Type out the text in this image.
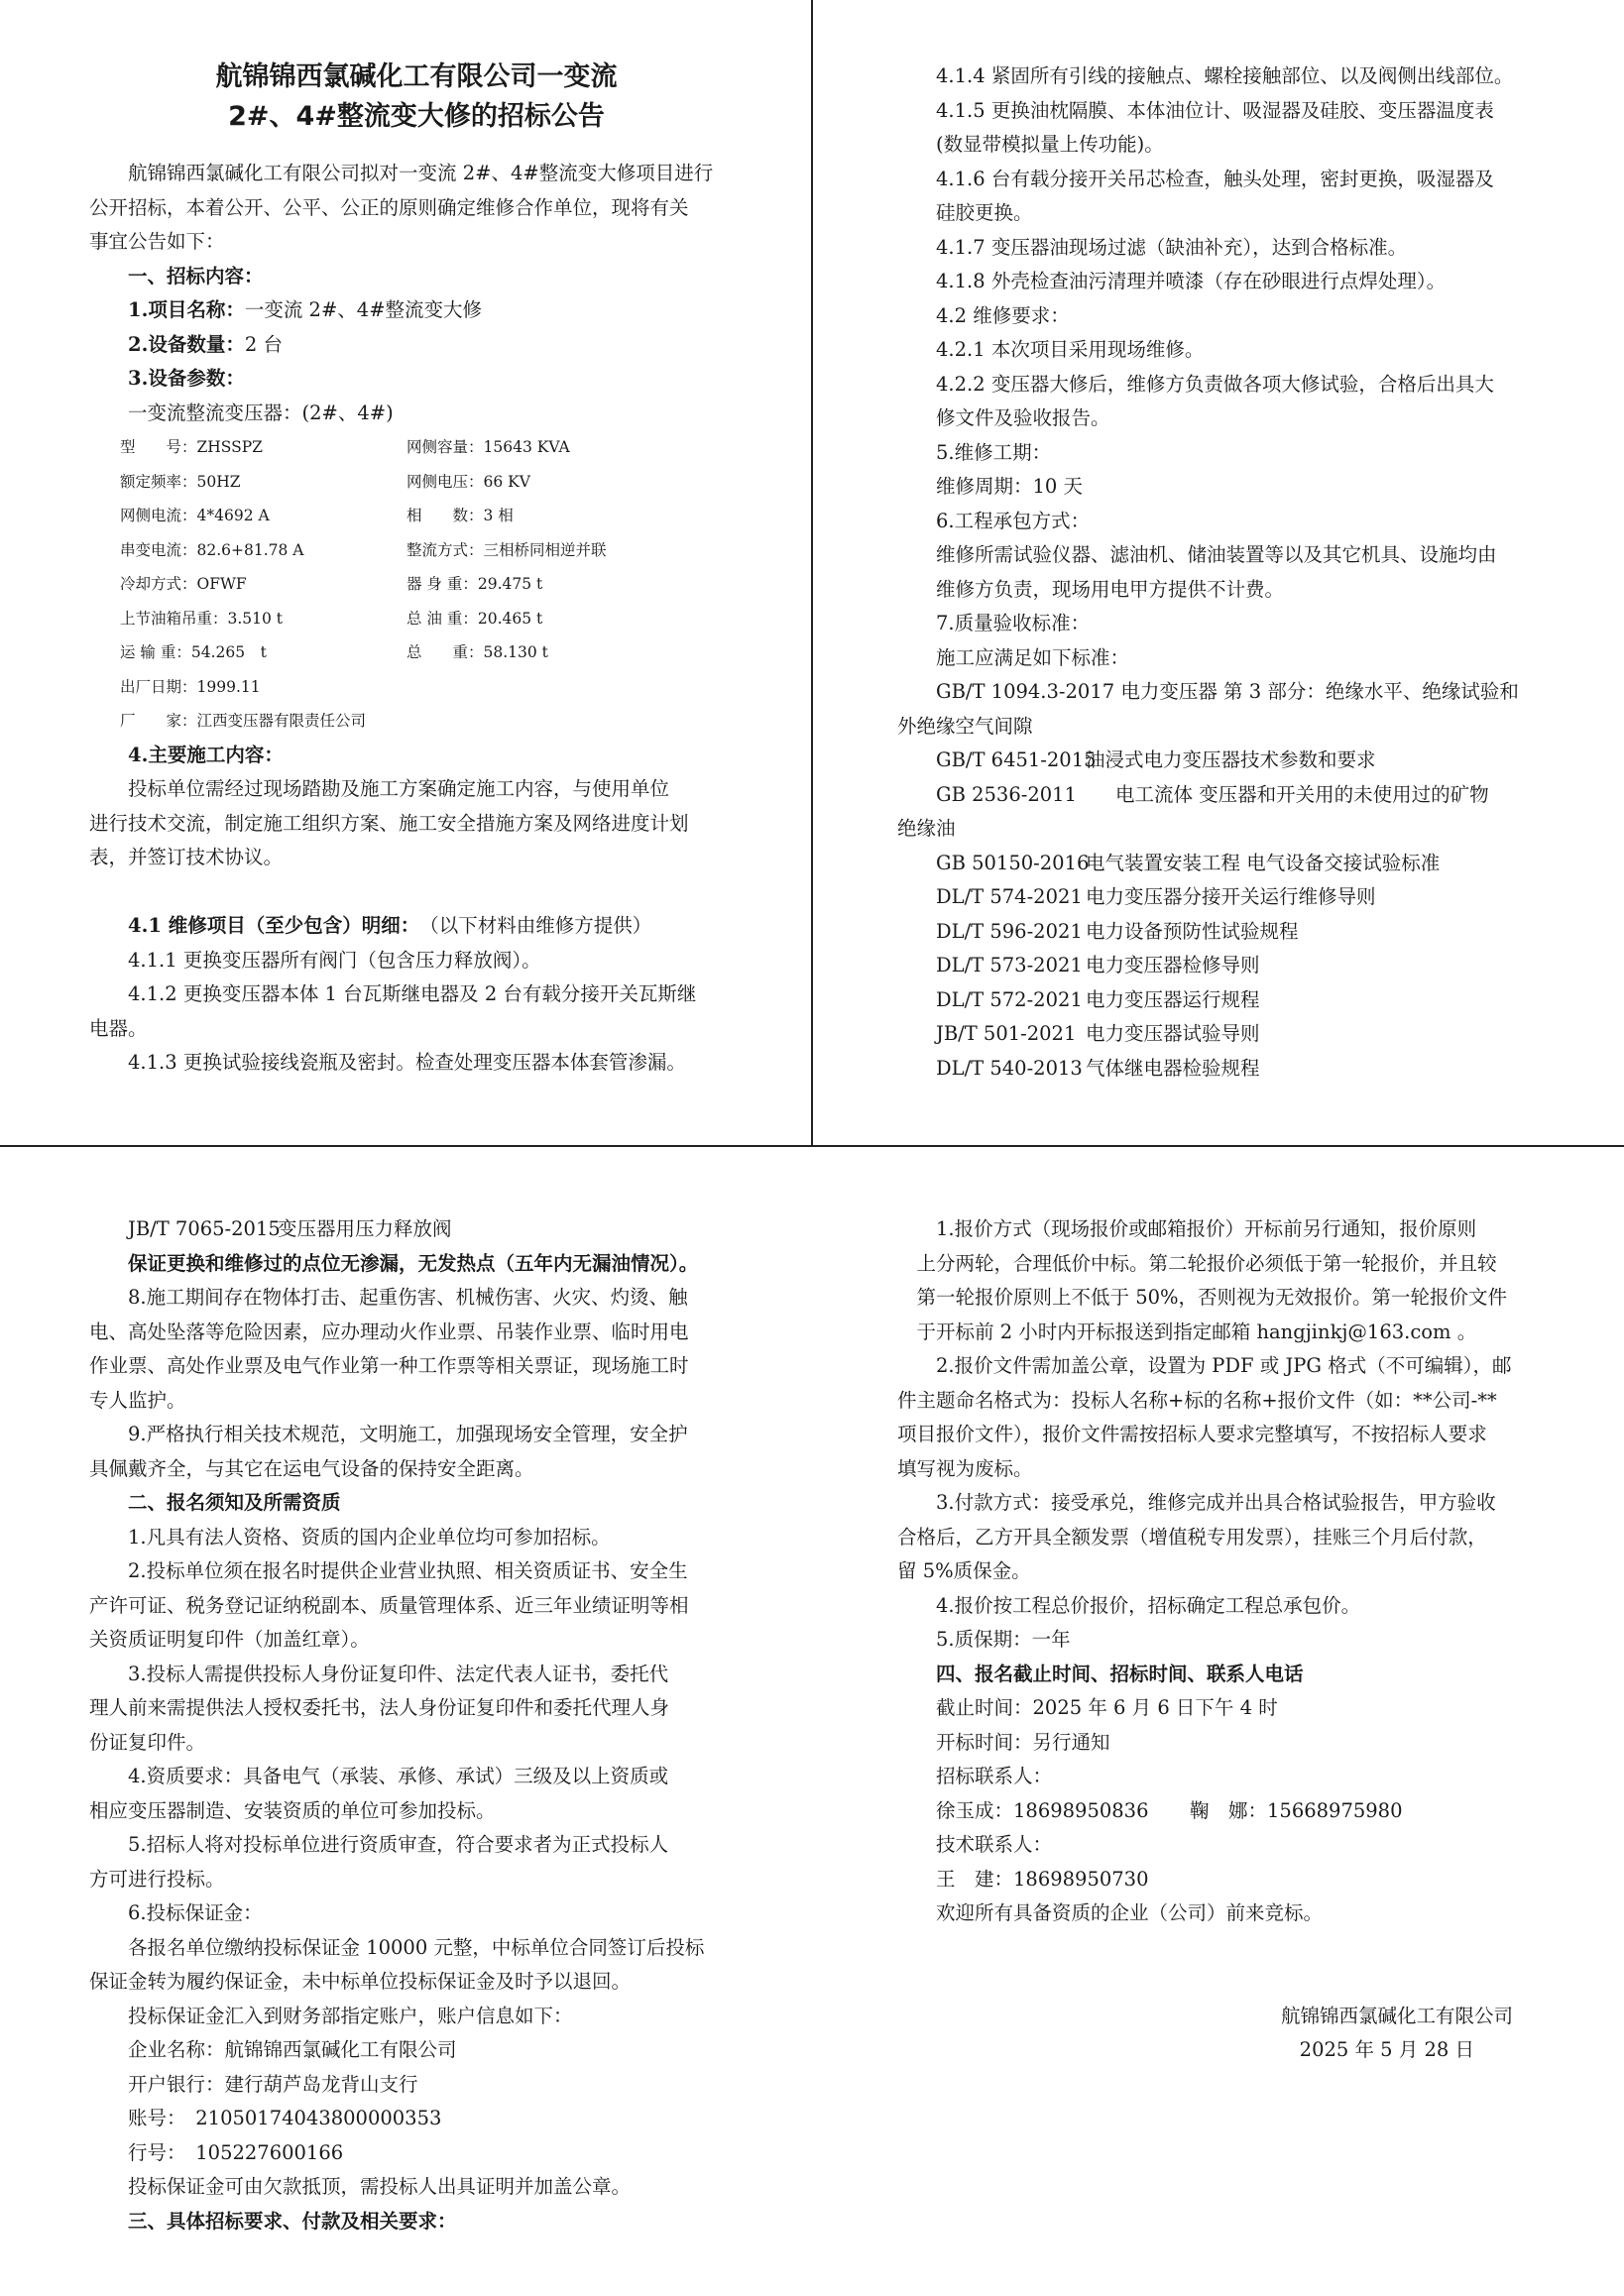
航锦锦西氯碱化工有限公司一变流

2#、4#整流变大修的招标公告

　　航锦锦西氯碱化工有限公司拟对一变流 2#、4#整流变大修项目进行

公开招标，本着公开、公平、公正的原则确定维修合作单位，现将有关

事宜公告如下：

　　一、招标内容：

　　1.项目名称：一变流 2#、4#整流变大修

　　2.设备数量：2 台

　　3.设备参数：

　　一变流整流变压器：(2#、4#)

　　型　　号：ZHSSPZ	网侧容量：15643 KVA
　　额定频率：50HZ	网侧电压：66 KV
　　网侧电流：4*4692 A	相　　数：3 相
　　串变电流：82.6+81.78 A	整流方式：三相桥同相逆并联
　　冷却方式：OFWF	器 身 重：29.475 t
　　上节油箱吊重：3.510 t	总 油 重：20.465 t
　　运 输 重：54.265　t	总　　重：58.130 t
　　出厂日期：1999.11
　　厂　　家：江西变压器有限责任公司

　　4.主要施工内容：

　　投标单位需经过现场踏勘及施工方案确定施工内容，与使用单位

进行技术交流，制定施工组织方案、施工安全措施方案及网络进度计划

表，并签订技术协议。

　　4.1 维修项目（至少包含）明细：　（以下材料由维修方提供）

　　4.1.1 更换变压器所有阀门（包含压力释放阀）。

　　4.1.2 更换变压器本体 1 台瓦斯继电器及 2 台有载分接开关瓦斯继

电器。

　　4.1.3 更换试验接线瓷瓶及密封。检查处理变压器本体套管渗漏。

　　4.1.4 紧固所有引线的接触点、螺栓接触部位、以及阀侧出线部位。

　　4.1.5 更换油枕隔膜、本体油位计、吸湿器及硅胶、变压器温度表

　　(数显带模拟量上传功能)。

　　4.1.6 台有载分接开关吊芯检查，触头处理，密封更换，吸湿器及

　　硅胶更换。

　　4.1.7 变压器油现场过滤（缺油补充），达到合格标准。

　　4.1.8 外壳检查油污清理并喷漆（存在砂眼进行点焊处理）。

　　4.2 维修要求：

　　4.2.1 本次项目采用现场维修。

　　4.2.2 变压器大修后，维修方负责做各项大修试验，合格后出具大

　　修文件及验收报告。

　　5.维修工期：

　　维修周期：10 天

　　6.工程承包方式：

　　维修所需试验仪器、滤油机、储油装置等以及其它机具、设施均由

　　维修方负责，现场用电甲方提供不计费。

　　7.质量验收标准：

　　施工应满足如下标准：

　　GB/T 1094.3-2017 电力变压器 第 3 部分：绝缘水平、绝缘试验和

外绝缘空气间隙

　　GB/T 6451-2015
油浸式电力变压器技术参数和要求

　　GB 2536-2011　　电工流体 变压器和开关用的未使用过的矿物

绝缘油

　　GB 50150-2016
电气装置安装工程 电气设备交接试验标准
　　DL/T 574-2021 电力变压器分接开关运行维修导则
　　DL/T 596-2021 电力设备预防性试验规程
　　DL/T 573-2021 电力变压器检修导则
　　DL/T 572-2021 电力变压器运行规程
　　JB/T 501-2021 电力变压器试验导则
　　DL/T 540-2013 气体继电器检验规程
　　JB/T 7065-2015
变压器用压力释放阀

　　保证更换和维修过的点位无渗漏，无发热点（五年内无漏油情况）。

　　8.施工期间存在物体打击、起重伤害、机械伤害、火灾、灼烫、触

电、高处坠落等危险因素，应办理动火作业票、吊装作业票、临时用电

作业票、高处作业票及电气作业第一种工作票等相关票证，现场施工时

专人监护。

　　9.严格执行相关技术规范，文明施工，加强现场安全管理，安全护

具佩戴齐全，与其它在运电气设备的保持安全距离。

　　二、报名须知及所需资质

　　1.凡具有法人资格、资质的国内企业单位均可参加招标。

　　2.投标单位须在报名时提供企业营业执照、相关资质证书、安全生

产许可证、税务登记证纳税副本、质量管理体系、近三年业绩证明等相

关资质证明复印件（加盖红章）。

　　3.投标人需提供投标人身份证复印件、法定代表人证书，委托代

理人前来需提供法人授权委托书，法人身份证复印件和委托代理人身

份证复印件。

　　4.资质要求：具备电气（承装、承修、承试）三级及以上资质或

相应变压器制造、安装资质的单位可参加投标。

　　5.招标人将对投标单位进行资质审查，符合要求者为正式投标人

方可进行投标。

　　6.投标保证金：

　　各报名单位缴纳投标保证金 10000 元整，中标单位合同签订后投标

保证金转为履约保证金，未中标单位投标保证金及时予以退回。

　　投标保证金汇入到财务部指定账户，账户信息如下：

　　企业名称：航锦锦西氯碱化工有限公司

　　开户银行：建行葫芦岛龙背山支行

　　账号：　21050174043800000353

　　行号：　105227600166

　　投标保证金可由欠款抵顶，需投标人出具证明并加盖公章。

　　三、具体招标要求、付款及相关要求：

　　1.报价方式（现场报价或邮箱报价）开标前另行通知，报价原则

　上分两轮，合理低价中标。第二轮报价必须低于第一轮报价，并且较

　第一轮报价原则上不低于 50%，否则视为无效报价。第一轮报价文件

　于开标前 2 小时内开标报送到指定邮箱 hangjinkj@163.com 。

　　2.报价文件需加盖公章，设置为 PDF 或 JPG 格式（不可编辑），邮

件主题命名格式为：投标人名称+标的名称+报价文件（如：**公司-**

项目报价文件），报价文件需按招标人要求完整填写，不按招标人要求

填写视为废标。

　　3.付款方式：接受承兑，维修完成并出具合格试验报告，甲方验收

合格后，乙方开具全额发票（增值税专用发票），挂账三个月后付款，

留 5%质保金。

　　4.报价按工程总价报价，招标确定工程总承包价。

　　5.质保期：一年

　　四、报名截止时间、招标时间、联系人电话

　　截止时间：2025 年 6 月 6 日下午 4 时

　　开标时间：另行通知

　　招标联系人：

　　徐玉成：18698950836	鞠　娜：15668975980

　　技术联系人：

　　王　建：18698950730

　　欢迎所有具备资质的企业（公司）前来竞标。

航锦锦西氯碱化工有限公司　　

2025 年 5 月 28 日　　　　
